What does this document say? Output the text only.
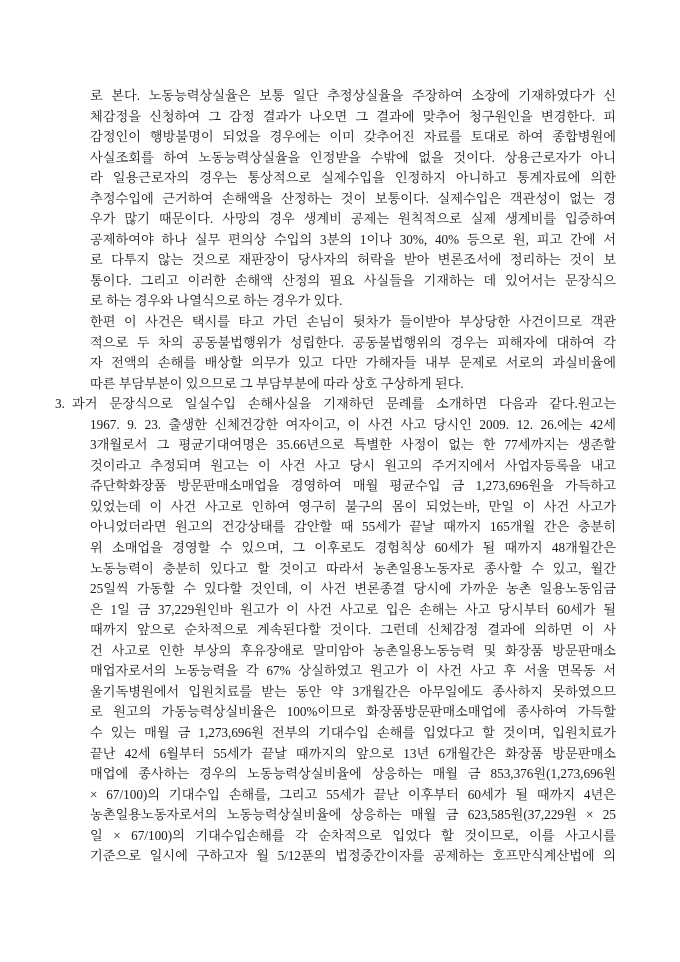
로 본다. 노동능력상실율은 보통 일단 추정상실율을 주장하여 소장에 기재하였다가 신
체감정을 신청하여 그 감정 결과가 나오면 그 결과에 맞추어 청구원인을 변경한다. 피
감정인이 행방불명이 되었을 경우에는 이미 갖추어진 자료를 토대로 하여 종합병원에
사실조회를 하여 노동능력상실율을 인정받을 수밖에 없을 것이다. 상용근로자가 아니
라 일용근로자의 경우는 통상적으로 실제수입을 인정하지 아니하고 통계자료에 의한
추정수입에 근거하여 손해액을 산정하는 것이 보통이다. 실제수입은 객관성이 없는 경
우가 많기 때문이다. 사망의 경우 생계비 공제는 원칙적으로 실제 생계비를 입증하여
공제하여야 하나 실무 편의상 수입의 3분의 1이나 30%, 40% 등으로 원, 피고 간에 서
로 다투지 않는 것으로 재판장이 당사자의 허락을 받아 변론조서에 정리하는 것이 보
통이다. 그리고 이러한 손해액 산정의 필요 사실들을 기재하는 데 있어서는 문장식으
로 하는 경우와 나열식으로 하는 경우가 있다.
한편 이 사건은 택시를 타고 가던 손님이 뒷차가 들이받아 부상당한 사건이므로 객관
적으로 두 차의 공동불법행위가 성립한다. 공동불법행위의 경우는 피해자에 대하여 각
자 전액의 손해를 배상할 의무가 있고 다만 가해자들 내부 문제로 서로의 과실비율에
따른 부담부분이 있으므로 그 부담부분에 따라 상호 구상하게 된다.
3. 과거 문장식으로 일실수입 손해사실을 기재하던 문례를 소개하면 다음과 같다.원고는
1967. 9. 23. 출생한 신체건강한 여자이고, 이 사건 사고 당시인 2009. 12. 26.에는 42세
3개월로서 그 평균기대여명은 35.66년으로 특별한 사정이 없는 한 77세까지는 생존할
것이라고 추정되며 원고는 이 사건 사고 당시 원고의 주거지에서 사업자등록을 내고
쥬단학화장품 방문판매소매업을 경영하여 매월 평균수입 금 1,273,696원을 가득하고
있었는데 이 사건 사고로 인하여 영구히 불구의 몸이 되었는바, 만일 이 사건 사고가
아니었더라면 원고의 건강상태를 감안할 때 55세가 끝날 때까지 165개월 간은 충분히
위 소매업을 경영할 수 있으며, 그 이후로도 경험칙상 60세가 될 때까지 48개월간은
노동능력이 충분히 있다고 할 것이고 따라서 농촌일용노동자로 종사할 수 있고, 월간
25일씩 가동할 수 있다할 것인데, 이 사건 변론종결 당시에 가까운 농촌 일용노동임금
은 1일 금 37,229원인바 원고가 이 사건 사고로 입은 손해는 사고 당시부터 60세가 될
때까지 앞으로 순차적으로 계속된다할 것이다. 그런데 신체감정 결과에 의하면 이 사
건 사고로 인한 부상의 후유장애로 말미암아 농촌일용노동능력 및 화장품 방문판매소
매업자로서의 노동능력을 각 67% 상실하였고 원고가 이 사건 사고 후 서울 면목동 서
울기독병원에서 입원치료를 받는 동안 약 3개월간은 아무일에도 종사하지 못하였으므
로 원고의 가동능력상실비율은 100%이므로 화장품방문판매소매업에 종사하여 가득할
수 있는 매월 금 1,273,696원 전부의 기대수입 손해를 입었다고 할 것이며, 입원치료가
끝난 42세 6월부터 55세가 끝날 때까지의 앞으로 13년 6개월간은 화장품 방문판매소
매업에 종사하는 경우의 노동능력상실비율에 상응하는 매월 금 853,376원(1,273,696원
× 67/100)의 기대수입 손해를, 그리고 55세가 끝난 이후부터 60세가 될 때까지 4년은
농촌일용노동자로서의 노동능력상실비율에 상응하는 매월 금 623,585원(37,229원 × 25
일 × 67/100)의 기대수입손해를 각 순차적으로 입었다 할 것이므로, 이를 사고시를
기준으로 일시에 구하고자 월 5/12푼의 법정중간이자를 공제하는 호프만식계산법에 의
